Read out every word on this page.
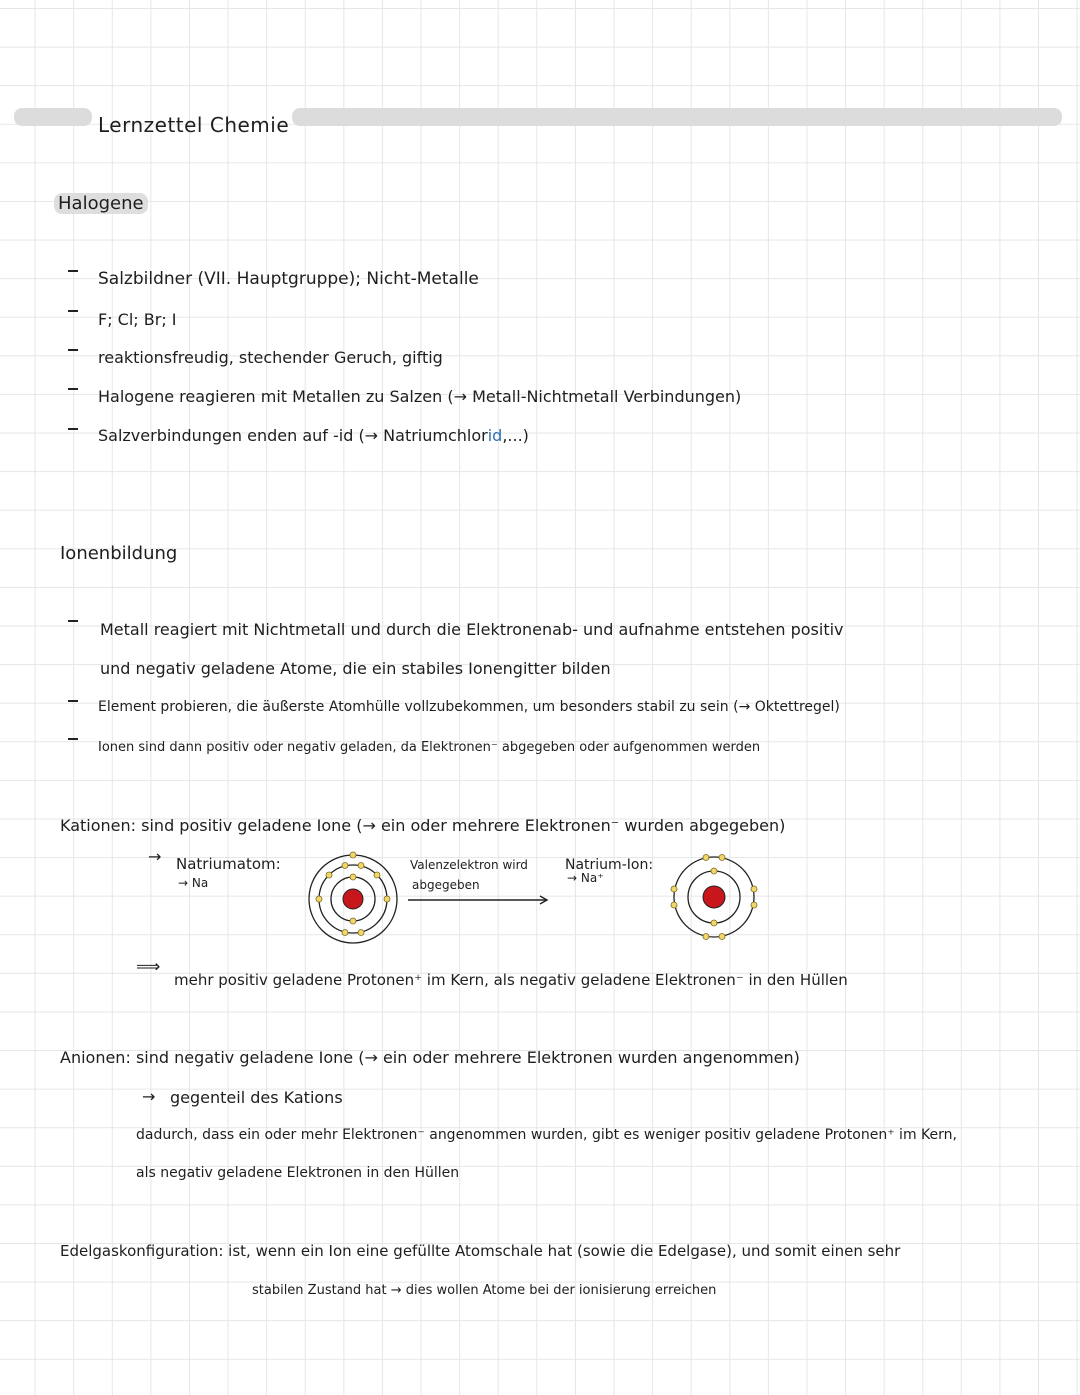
Lernzettel Chemie
Halogene
Salzbildner (VII. Hauptgruppe); Nicht-Metalle
F; Cl; Br; I
reaktionsfreudig, stechender Geruch, giftig
Halogene reagieren mit Metallen zu Salzen (→ Metall-Nichtmetall Verbindungen)
Salzverbindungen enden auf -id (→ Natriumchlorid,...)
Ionenbildung
Metall reagiert mit Nichtmetall und durch die Elektronenab- und aufnahme entstehen positiv
und negativ geladene Atome, die ein stabiles Ionengitter bilden
Element probieren, die äußerste Atomhülle vollzubekommen, um besonders stabil zu sein (→ Oktettregel)
Ionen sind dann positiv oder negativ geladen, da Elektronen⁻ abgegeben oder aufgenommen werden
Kationen: sind positiv geladene Ione (→ ein oder mehrere Elektronen⁻ wurden abgegeben)
→ Natriumatom:
→ Na
Valenzelektron wird
abgegeben
Natrium-Ion:
→ Na⁺
⟹
mehr positiv geladene Protonen⁺ im Kern, als negativ geladene Elektronen⁻ in den Hüllen
Anionen: sind negativ geladene Ione (→ ein oder mehrere Elektronen wurden angenommen)
→ gegenteil des Kations
dadurch, dass ein oder mehr Elektronen⁻ angenommen wurden, gibt es weniger positiv geladene Protonen⁺ im Kern,
als negativ geladene Elektronen in den Hüllen
Edelgaskonfiguration: ist, wenn ein Ion eine gefüllte Atomschale hat (sowie die Edelgase), und somit einen sehr
stabilen Zustand hat → dies wollen Atome bei der ionisierung erreichen
